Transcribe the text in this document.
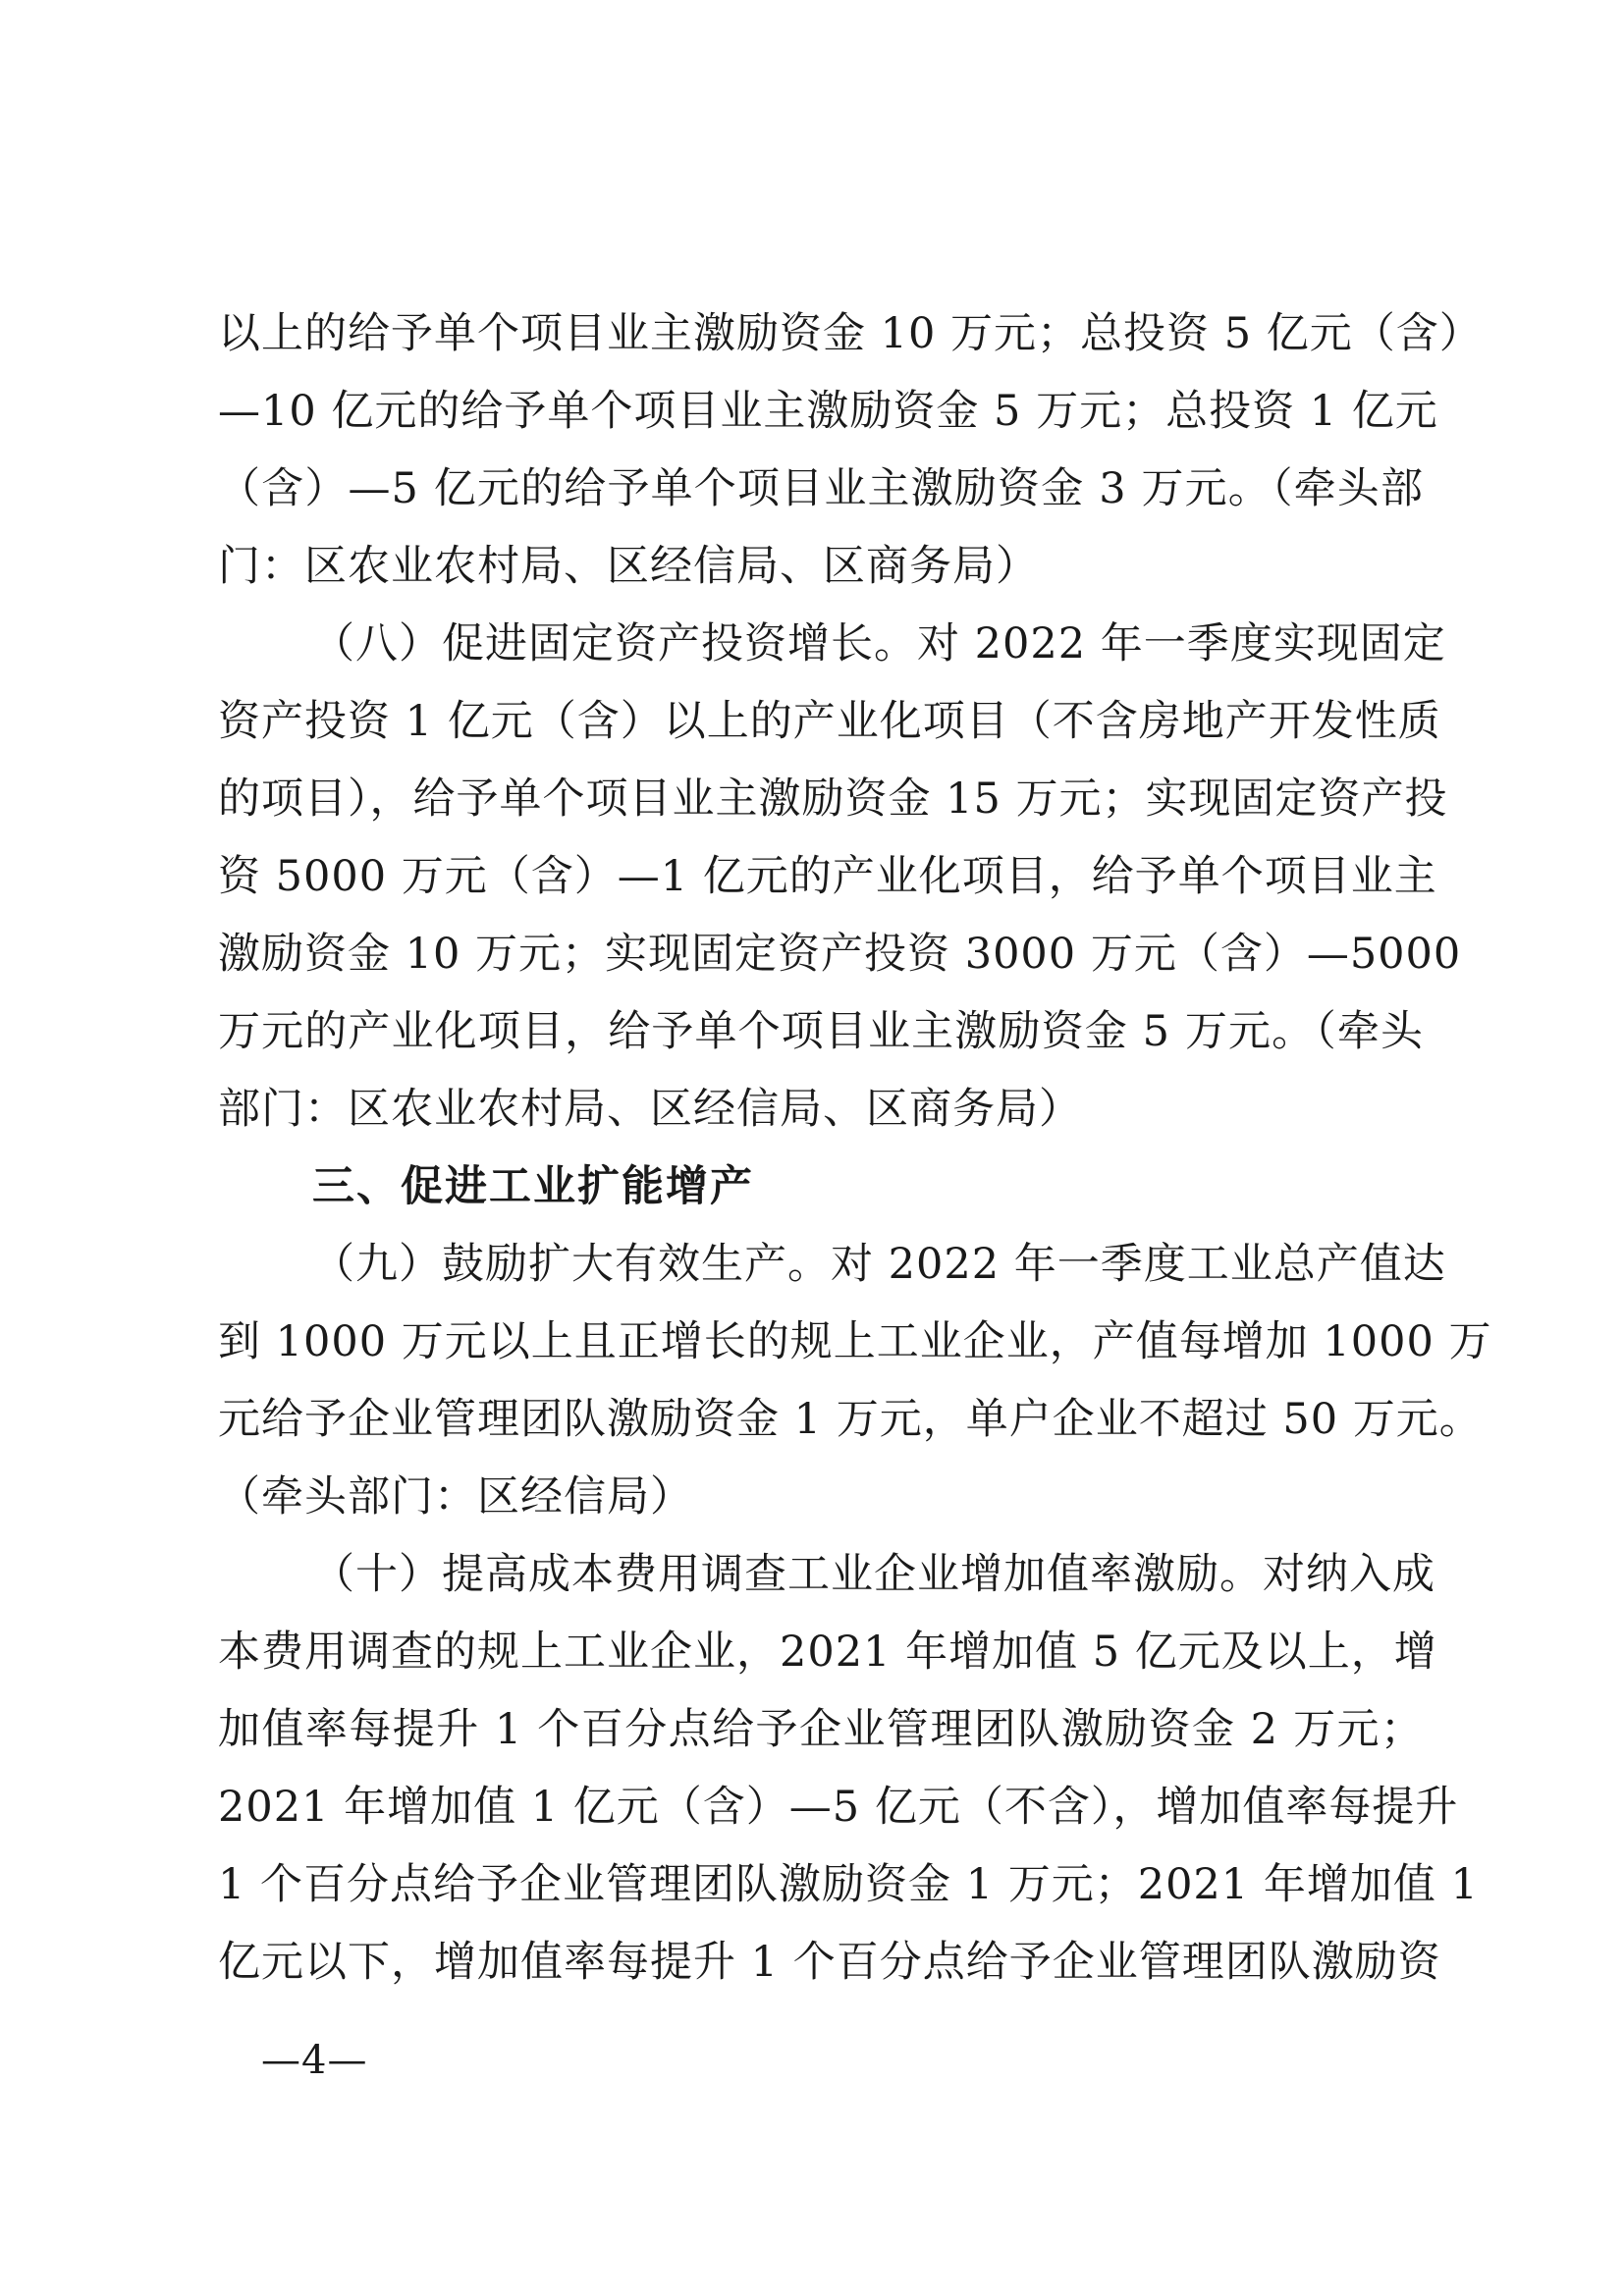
以上的给予单个项目业主激励资金 10 万元；总投资 5 亿元（含）
—10 亿元的给予单个项目业主激励资金 5 万元；总投资 1 亿元
（含）—5 亿元的给予单个项目业主激励资金 3 万元。（牵头部
门：区农业农村局、区经信局、区商务局）
（八）促进固定资产投资增长。对 2022 年一季度实现固定
资产投资 1 亿元（含）以上的产业化项目（不含房地产开发性质
的项目），给予单个项目业主激励资金 15 万元；实现固定资产投
资 5000 万元（含）—1 亿元的产业化项目，给予单个项目业主
激励资金 10 万元；实现固定资产投资 3000 万元（含）—5000
万元的产业化项目，给予单个项目业主激励资金 5 万元。（牵头
部门：区农业农村局、区经信局、区商务局）
三、促进工业扩能增产
（九）鼓励扩大有效生产。对 2022 年一季度工业总产值达
到 1000 万元以上且正增长的规上工业企业，产值每增加 1000 万
元给予企业管理团队激励资金 1 万元，单户企业不超过 50 万元。
（牵头部门：区经信局）
（十）提高成本费用调查工业企业增加值率激励。对纳入成
本费用调查的规上工业企业，2021 年增加值 5 亿元及以上，增
加值率每提升 1 个百分点给予企业管理团队激励资金 2 万元；
2021 年增加值 1 亿元（含）—5 亿元（不含），增加值率每提升
1 个百分点给予企业管理团队激励资金 1 万元；2021 年增加值 1
亿元以下，增加值率每提升 1 个百分点给予企业管理团队激励资
—4—
